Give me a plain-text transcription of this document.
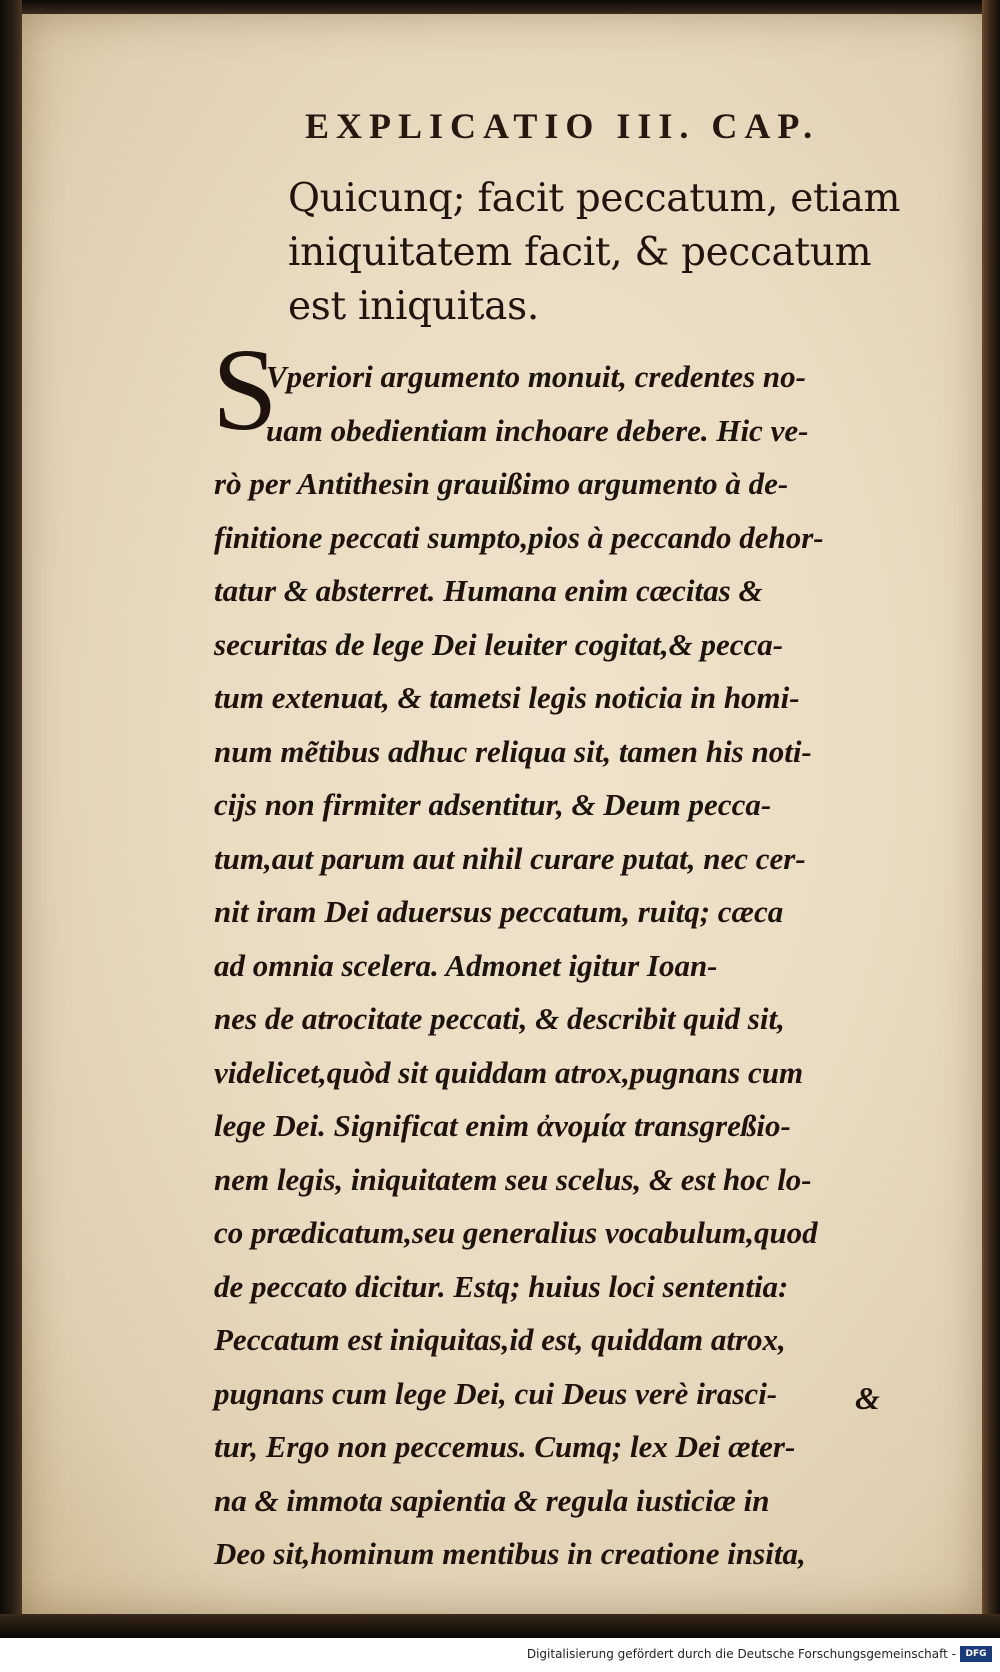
EXPLICATIO III. CAP.
Quicunq; facit peccatum, etiam
iniquitatem facit, & peccatum
est iniquitas.
S
Vperiori argumento monuit, credentes no-
uam obedientiam inchoare debere. Hic ve-
rò per Antithesin grauißimo argumento à de-
finitione peccati sumpto,pios à peccando dehor-
tatur & absterret. Humana enim cæcitas &
securitas de lege Dei leuiter cogitat,& pecca-
tum extenuat, & tametsi legis noticia in homi-
num mẽtibus adhuc reliqua sit, tamen his noti-
cijs non firmiter adsentitur, & Deum pecca-
tum,aut parum aut nihil curare putat, nec cer-
nit iram Dei aduersus peccatum, ruitq; cæca
ad omnia scelera. Admonet igitur Ioan-
nes de atrocitate peccati, & describit quid sit,
videlicet,quòd sit quiddam atrox,pugnans cum
lege Dei. Significat enim ἀνομία transgreßio-
nem legis, iniquitatem seu scelus, & est hoc lo-
co prædicatum,seu generalius vocabulum,quod
de peccato dicitur. Estq; huius loci sententia:
Peccatum est iniquitas,id est, quiddam atrox,
pugnans cum lege Dei, cui Deus verè irasci-
tur, Ergo non peccemus. Cumq; lex Dei æter-
na & immota sapientia & regula iusticiæ in
Deo sit,hominum mentibus in creatione insita,
&
Digitalisierung gefördert durch die Deutsche Forschungsgemeinschaft -	DFG
